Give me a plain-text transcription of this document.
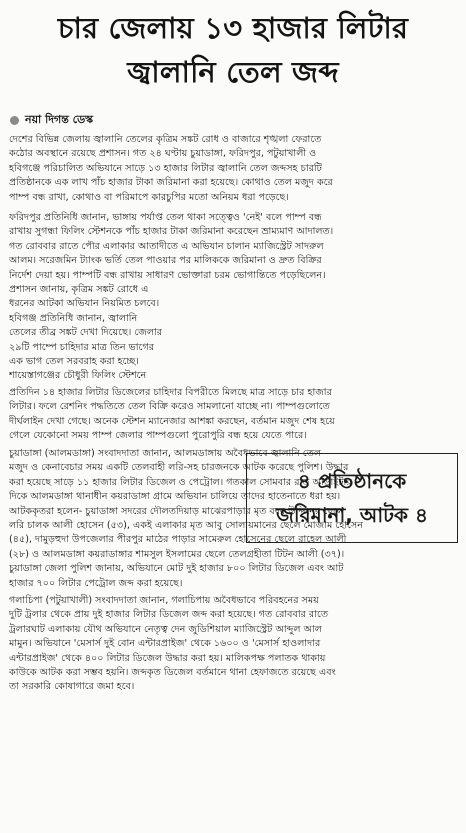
চার জেলায় ১৩ হাজার লিটার
জ্বালানি তেল জব্দ
নয়া দিগন্ত ডেস্ক
দেশের বিভিন্ন জেলায় জ্বালানি তেলের কৃত্রিম সঙ্কট রোধ ও বাজারে শৃঙ্খলা ফেরাতে
কঠোর অবস্থানে রয়েছে প্রশাসন। গত ২৪ ঘণ্টায় চুয়াডাঙ্গা, ফরিদপুর, পটুয়াখালী ও
হবিগঞ্জে পরিচালিত অভিযানে সাড়ে ১৩ হাজার লিটার জ্বালানি তেল জব্দসহ চারটি
প্রতিষ্ঠানকে এক লাখ পাঁচ হাজার টাকা জরিমানা করা হয়েছে। কোথাও তেল মজুদ করে
পাম্প বন্ধ রাখা, কোথাও বা পরিমাপে কারচুপির মতো অনিয়ম ধরা পড়েছে।
ফরিদপুর প্রতিনিধি জানান, ভাঙ্গায় পর্যাপ্ত তেল থাকা সত্ত্বেও 'নেই' বলে পাম্প বন্ধ
রাখায় সুগন্ধা ফিলিং স্টেশনকে পাঁচ হাজার টাকা জরিমানা করেছেন ভ্রাম্যমাণ আদালত।
গত রোববার রাতে পৌর এলাকার আতাদীতে এ অভিযান চালান ম্যাজিস্ট্রেট সাদরুল
আলম। সরেজমিন ট্যাংক ভর্তি তেল পাওয়ার পর মালিককে জরিমানা ও দ্রুত বিক্রির
নির্দেশ দেয়া হয়। পাম্পটি বন্ধ রাখায় সাধারণ ভোক্তারা চরম ভোগান্তিতে পড়েছিলেন।
প্রশাসন জানায়, কৃত্রিম সঙ্কট রোধে এ
ধরনের আটকা অভিযান নিয়মিত চলবে।
হবিগঞ্জ প্রতিনিধি জানান, জ্বালানি
তেলের তীব্র সঙ্কট দেখা দিয়েছে। জেলার
২৯টি পাম্পে চাহিদার মাত্র তিন ভাগের
এক ভাগ তেল সরবরাহ করা হচ্ছে।
শায়েস্তাগঞ্জের চৌধুরী ফিলিং স্টেশনে
৪ প্রতিষ্ঠানকে
জরিমানা, আটক ৪
প্রতিদিন ১৪ হাজার লিটার ডিজেলের চাহিদার বিপরীতে মিলছে মাত্র সাড়ে চার হাজার
লিটার। ফলে রেশনিং পদ্ধতিতে তেল বিক্রি করেও সামলানো যাচ্ছে না। পাম্পগুলোতে
দীর্ঘলাইন দেখা গেছে। অনেক স্টেশন ম্যানেজার আশঙ্কা করছেন, বর্তমান মজুদ শেষ হয়ে
গেলে যেকোনো সময় পাম্প জেলার পাম্পগুলো পুরোপুরি বন্ধ হয়ে যেতে পারে।
চুয়াডাঙ্গা (আলমডাঙ্গা) সংবাদদাতা জানান, আলমডাঙ্গায় অবৈধভাবে জ্বালানি তেল
মজুদ ও কেনাবেচার সময় একটি তেলবাহী লরি-সহ চারজনকে আটক করেছে পুলিশ। উদ্ধার
করা হয়েছে সাড়ে ১১ হাজার লিটার ডিজেল ও পেট্রোল। গতকাল সোমবার রাত আড়াইটার
দিকে আলমডাঙ্গা থানাধীন কয়রাডাঙ্গা গ্রামে অভিযান চালিয়ে তাদের হাতেনাতে ধরা হয়।
আটককৃতরা হলেন- চুয়াডাঙ্গা সদরের দৌলতদিয়াড় মাঝেরপাড়ার মৃত বদর উদ্দিনের ছেলে
লরি চালক আলী হোসেন (৫৩), একই এলাকার মৃত আবু সোলায়মানের ছেলে মোজাম হোসেন
(৪৫), দামুড়হুদা উপজেলার পীরপুর মাঠের পাড়ার সামেরুল হোসেনের ছেলে রাহেল আলী
(২৮) ও আলমডাঙ্গা কয়রাডাঙ্গার শামসুল ইসলামের ছেলে তেলগ্রহীতা টিটন আলী (৩৭)।
চুয়াডাঙ্গা জেলা পুলিশ জানায়, অভিযানে মোট দুই হাজার ৮০০ লিটার ডিজেল এবং আট
হাজার ৭০০ লিটার পেট্রোল জব্দ করা হয়েছে।
গলাচিপা (পটুয়াখালী) সংবাদদাতা জানান, গলাচিপায় অবৈধভাবে পরিবহনের সময়
দুটি ট্রলার থেকে প্রায় দুই হাজার লিটার ডিজেল জব্দ করা হয়েছে। গত রোববার রাতে
ট্রলারঘাট এলাকায় যৌথ অভিযানে নেতৃত্ব দেন জুডিশিয়াল ম্যাজিস্ট্রেট আব্দুল আল
মামুন। অভিযানে 'মেসার্স দুই বোন এন্টারপ্রাইজ' থেকে ১৬০০ ও 'মেসার্স হাওলাদার
এন্টারপ্রাইজ' থেকে ৪০০ লিটার ডিজেল উদ্ধার করা হয়। মালিকপক্ষ পলাতক থাকায়
কাউকে আটক করা সম্ভব হয়নি। জব্দকৃত ডিজেল বর্তমানে থানা হেফাজতে রয়েছে এবং
তা সরকারি কোষাগারে জমা হবে।
